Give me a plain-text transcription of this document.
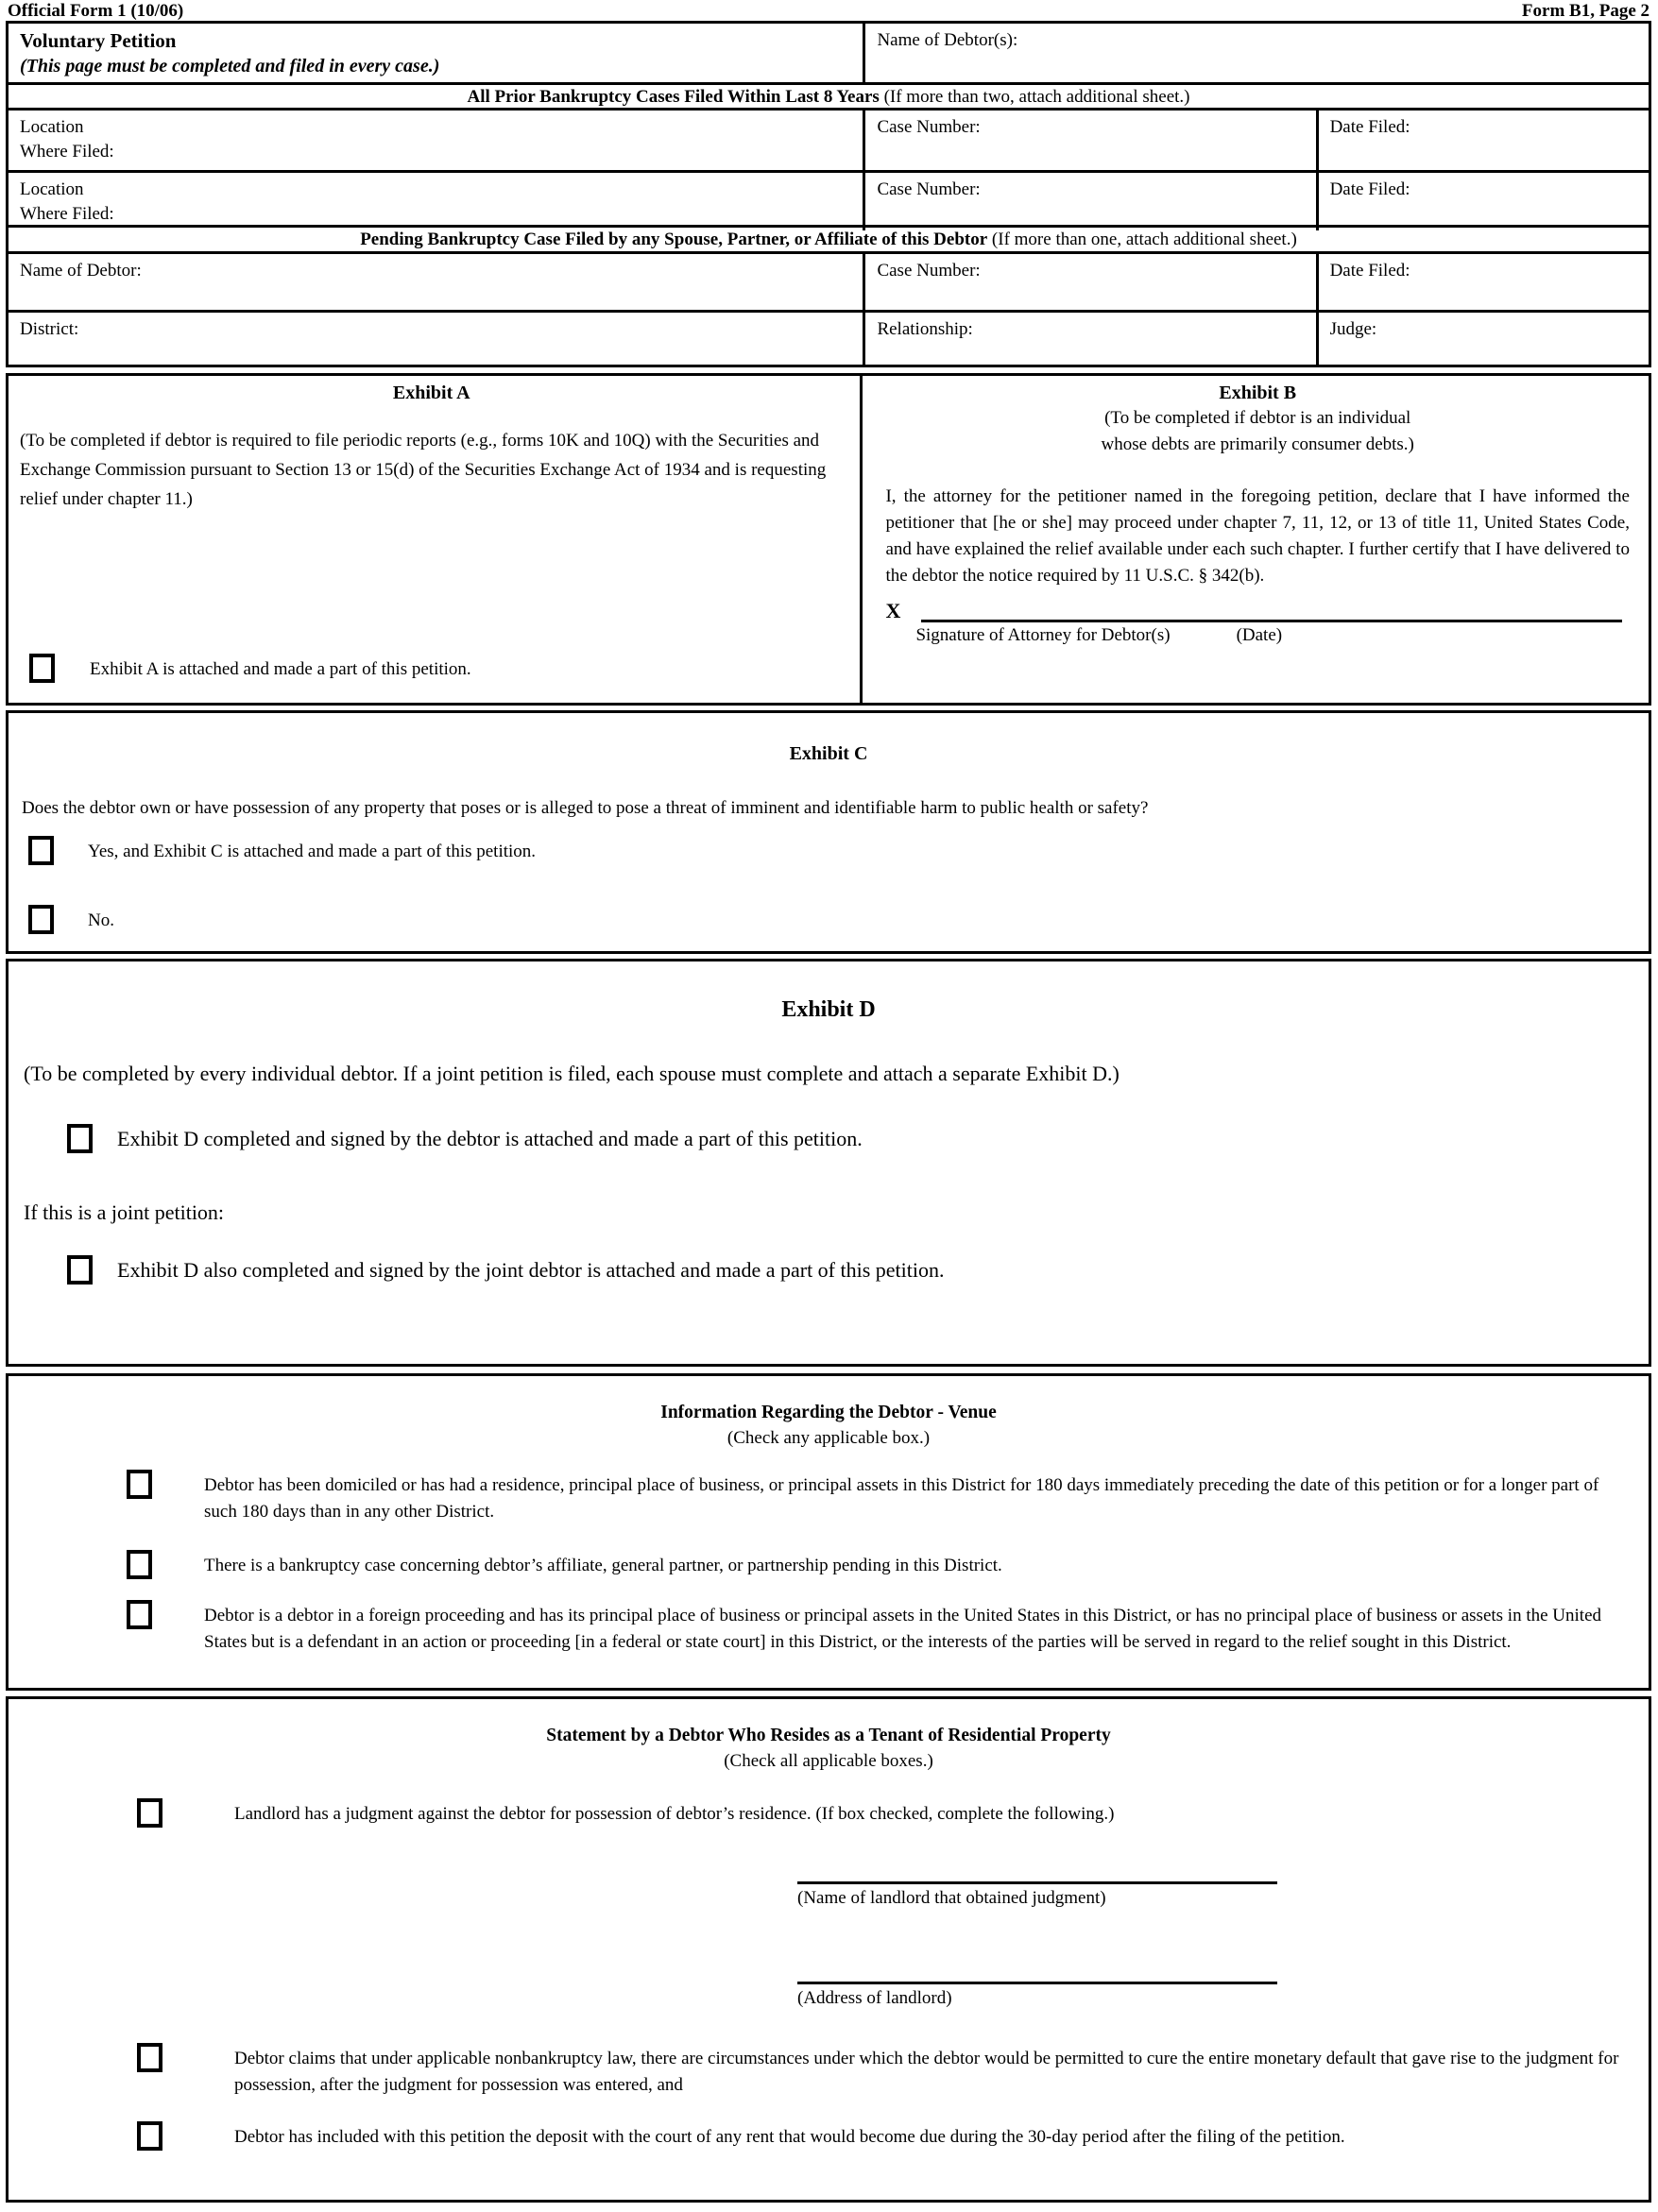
Official Form 1 (10/06)	Form B1, Page 2
Voluntary Petition
(This page must be completed and filed in every case.)
Name of Debtor(s):
All Prior Bankruptcy Cases Filed Within Last 8 Years (If more than two, attach additional sheet.)
Location
Where Filed:
Case Number:	Date Filed:
Location
Where Filed:
Case Number:	Date Filed:
Pending Bankruptcy Case Filed by any Spouse, Partner, or Affiliate of this Debtor (If more than one, attach additional sheet.)
Name of Debtor:	Case Number:	Date Filed:
District:	Relationship:	Judge:
Exhibit A
(To be completed if debtor is required to file periodic reports (e.g., forms 10K and 10Q) with the Securities and Exchange Commission pursuant to Section 13 or 15(d) of the Securities Exchange Act of 1934 and is requesting relief under chapter 11.)
Exhibit A is attached and made a part of this petition.
Exhibit B
(To be completed if debtor is an individual
whose debts are primarily consumer debts.)
I, the attorney for the petitioner named in the foregoing petition, declare that I have informed the petitioner that [he or she] may proceed under chapter 7, 11, 12, or 13 of title 11, United States Code, and have explained the relief available under each such chapter. I further certify that I have delivered to the debtor the notice required by 11 U.S.C. § 342(b).
X
Signature of Attorney for Debtor(s)	(Date)
Exhibit C
Does the debtor own or have possession of any property that poses or is alleged to pose a threat of imminent and identifiable harm to public health or safety?
Yes, and Exhibit C is attached and made a part of this petition.
No.
Exhibit D
(To be completed by every individual debtor. If a joint petition is filed, each spouse must complete and attach a separate Exhibit D.)
Exhibit D completed and signed by the debtor is attached and made a part of this petition.
If this is a joint petition:
Exhibit D also completed and signed by the joint debtor is attached and made a part of this petition.
Information Regarding the Debtor - Venue
(Check any applicable box.)
Debtor has been domiciled or has had a residence, principal place of business, or principal assets in this District for 180 days immediately preceding the date of this petition or for a longer part of such 180 days than in any other District.
There is a bankruptcy case concerning debtor’s affiliate, general partner, or partnership pending in this District.
Debtor is a debtor in a foreign proceeding and has its principal place of business or principal assets in the United States in this District, or has no principal place of business or assets in the United States but is a defendant in an action or proceeding [in a federal or state court] in this District, or the interests of the parties will be served in regard to the relief sought in this District.
Statement by a Debtor Who Resides as a Tenant of Residential Property
(Check all applicable boxes.)
Landlord has a judgment against the debtor for possession of debtor’s residence. (If box checked, complete the following.)
(Name of landlord that obtained judgment)
(Address of landlord)
Debtor claims that under applicable nonbankruptcy law, there are circumstances under which the debtor would be permitted to cure the entire monetary default that gave rise to the judgment for possession, after the judgment for possession was entered, and
Debtor has included with this petition the deposit with the court of any rent that would become due during the 30-day period after the filing of the petition.
